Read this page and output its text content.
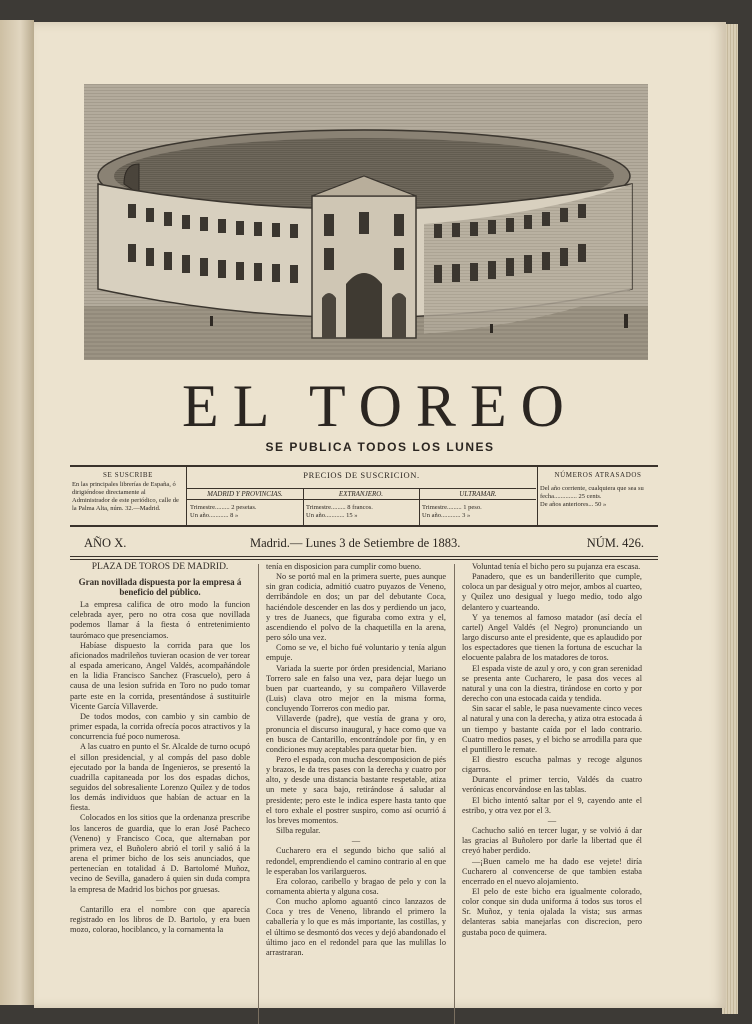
EL TOREO
SE PUBLICA TODOS LOS LUNES
SE SUSCRIBE
En las principales librerías de España, ó dirigiéndose directamente al Administrador de este periódico, calle de la Palma Alta, núm. 32.—Madrid.
PRECIOS DE SUSCRICION.
MADRID Y PROVINCIAS.
Trimestre......... 2 pesetas.
Un año............ 8 »
EXTRANJERO.
Trimestre......... 8 francos.
Un año............ 15 »
ULTRAMAR.
Trimestre......... 1 peso.
Un año............ 3 »
NÚMEROS ATRASADOS
Del año corriente, cualquiera que sea su fecha.............. 25 cents.
De años anteriores... 50 »
AÑO X.	Madrid.— Lunes 3 de Setiembre de 1883.	NÚM. 426.

PLAZA DE TOROS DE MADRID.

Gran novillada dispuesta por la empresa á beneficio del público.

La empresa califica de otro modo la funcion celebrada ayer, pero no otra cosa que novillada podemos llamar á la fiesta ó entretenimiento taurómaco que presenciamos.

Habíase dispuesto la corrida para que los aficionados madrileños tuvieran ocasion de ver torear al espada americano, Angel Valdés, acompañándole en la lidia Francisco Sanchez (Frascuelo), pero á causa de una lesion sufrida en Toro no pudo tomar parte este en la corrida, presentándose á sustituirle Vicente García Villaverde.

De todos modos, con cambio y sin cambio de primer espada, la corrida ofrecía pocos atractivos y la concurrencia fué poco numerosa.

A las cuatro en punto el Sr. Alcalde de turno ocupó el sillon presidencial, y al compás del paso doble ejecutado por la banda de Ingenieros, se presentó la cuadrilla capitaneada por los dos espadas dichos, seguidos del sobresaliente Lorenzo Quílez y de todos los demás individuos que habían de actuar en la fiesta.

Colocados en los sitios que la ordenanza prescribe los lanceros de guardia, que lo eran José Pacheco (Veneno) y Francisco Coca, que alternaban por primera vez, el Buñolero abrió el toril y salió á la arena el primer bicho de los seis anunciados, que pertenecían en totalidad á D. Bartolomé Muñoz, vecino de Sevilla, ganadero á quien sin duda compra la empresa de Madrid los bichos por gruesas.

—

Cantarillo era el nombre con que aparecía registrado en los libros de D. Bartolo, y era buen mozo, colorao, hociblanco, y la cornamenta la

tenía en disposicion para cumplir como bueno.

No se portó mal en la primera suerte, pues aunque sin gran codicia, admitió cuatro puyazos de Veneno, derribándole en dos; un par del debutante Coca, haciéndole descender en las dos y perdiendo un jaco, y tres de Juanecs, que figuraba como extra y el, ascendiendo el polvo de la chaquetilla en la arena, pero sólo una vez.

Como se ve, el bicho fué voluntario y tenía algun empuje.

Variada la suerte por órden presidencial, Mariano Torrero sale en falso una vez, para dejar luego un buen par cuarteando, y su compañero Villaverde (Luis) clava otro mejor en la misma forma, concluyendo Torreros con medio par.

Villaverde (padre), que vestía de grana y oro, pronuncia el discurso inaugural, y hace como que va en busca de Cantarillo, encontrándole por fin, y en condiciones muy aceptables para quetar bien.

Pero el espada, con mucha descomposicion de piés y brazos, le da tres pases con la derecha y cuatro por alto, y desde una distancia bastante respetable, atiza un mete y saca bajo, retirándose á saludar al presidente; pero este le indica espere hasta tanto que el toro exhale el postrer suspiro, como así ocurrió á los breves momentos.

Silba regular.

—

Cucharero era el segundo bicho que salió al redondel, emprendiendo el camino contrario al en que le esperaban los varilargueros.

Era colorao, caribello y bragao de pelo y con la cornamenta abierta y alguna cosa.

Con mucho aplomo aguantó cinco lanzazos de Coca y tres de Veneno, librando el primero la caballería y lo que es más importante, las costillas, y el último se desmontó dos veces y dejó abandonado el último jaco en el redondel para que las mulillas lo arrastraran.

Voluntad tenía el bicho pero su pujanza era escasa.

Panadero, que es un banderillerito que cumple, coloca un par desigual y otro mejor, ambos al cuarteo, y Quílez uno desigual y luego medio, todo algo delantero y cuarteando.

Y ya tenemos al famoso matador (así decía el cartel) Angel Valdés (el Negro) pronunciando un largo discurso ante el presidente, que es aplaudido por los espectadores que tienen la fortuna de escuchar la elocuente palabra de los matadores de toros.

El espada viste de azul y oro, y con gran serenidad se presenta ante Cucharero, le pasa dos veces al natural y una con la diestra, tirándose en corto y por derecho con una estocada caida y tendida.

Sin sacar el sable, le pasa nuevamente cinco veces al natural y una con la derecha, y atiza otra estocada á un tiempo y bastante caída por el lado contrario. Cuatro medios pases, y el bicho se arrodilla para que el puntillero le remate.

El diestro escucha palmas y recoge algunos cigarros.

Durante el primer tercio, Valdés da cuatro verónicas encorvándose en las tablas.

El bicho intentó saltar por el 9, cayendo ante el estribo, y otra vez por el 3.

—

Cachucho salió en tercer lugar, y se volvió á dar las gracias al Buñolero por darle la libertad que él creyó haber perdido.

—¡Buen camelo me ha dado ese vejete! diría Cucharero al convencerse de que tambien estaba encerrado en el nuevo alojamiento.

El pelo de este bicho era igualmente colorado, color conque sin duda uniforma á todos sus toros el Sr. Muñoz, y tenia ojalada la vista; sus armas delanteras sabia manejarlas con discrecion, pero gustaba poco de quimera.
